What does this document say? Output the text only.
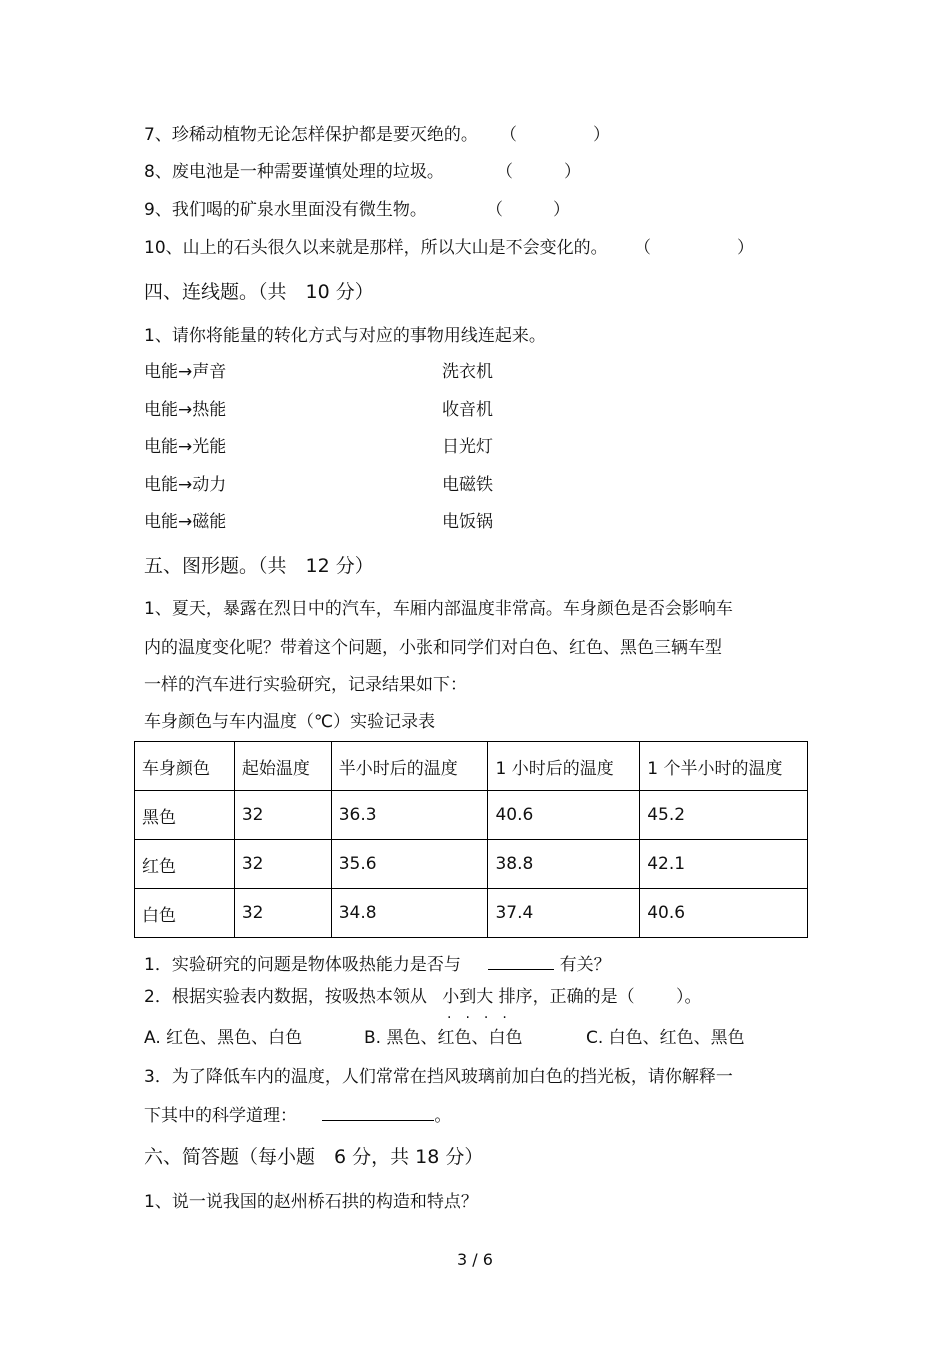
7、珍稀动植物无论怎样保护都是要灭绝的。 （	）
8、废电池是一种需要谨慎处理的垃圾。	（	）
9、我们喝的矿泉水里面没有微生物。	（	）
10、山上的石头很久以来就是那样，所以大山是不会变化的。 （	）
四、连线题。（共　10 分）
1、请你将能量的转化方式与对应的事物用线连起来。
电能→声音	洗衣机
电能→热能	收音机
电能→光能	日光灯
电能→动力	电磁铁
电能→磁能	电饭锅
五、图形题。（共　12 分）
1、夏天，暴露在烈日中的汽车，车厢内部温度非常高。车身颜色是否会影响车
内的温度变化呢？带着这个问题，小张和同学们对白色、红色、黑色三辆车型
一样的汽车进行实验研究，记录结果如下：
车身颜色与车内温度（℃）实验记录表
车身颜色	起始温度	半小时后的温度	1 小时后的温度	1 个半小时的温度
黑色	32	36.3	40.6	45.2
红色	32	35.6	38.8	42.1
白色	32	34.8	37.4	40.6
1．实验研究的问题是物体吸热能力是否与	有关？
2．根据实验表内数据，按吸热本领从 小到大 排序，正确的是（ ）。
····
A. 红色、黑色、白色	B. 黑色、红色、白色	C. 白色、红色、黑色
3．为了降低车内的温度，人们常常在挡风玻璃前加白色的挡光板，请你解释一
下其中的科学道理：	。
六、简答题（每小题　6 分，共 18 分）
1、说一说我国的赵州桥石拱的构造和特点？
3 / 6
